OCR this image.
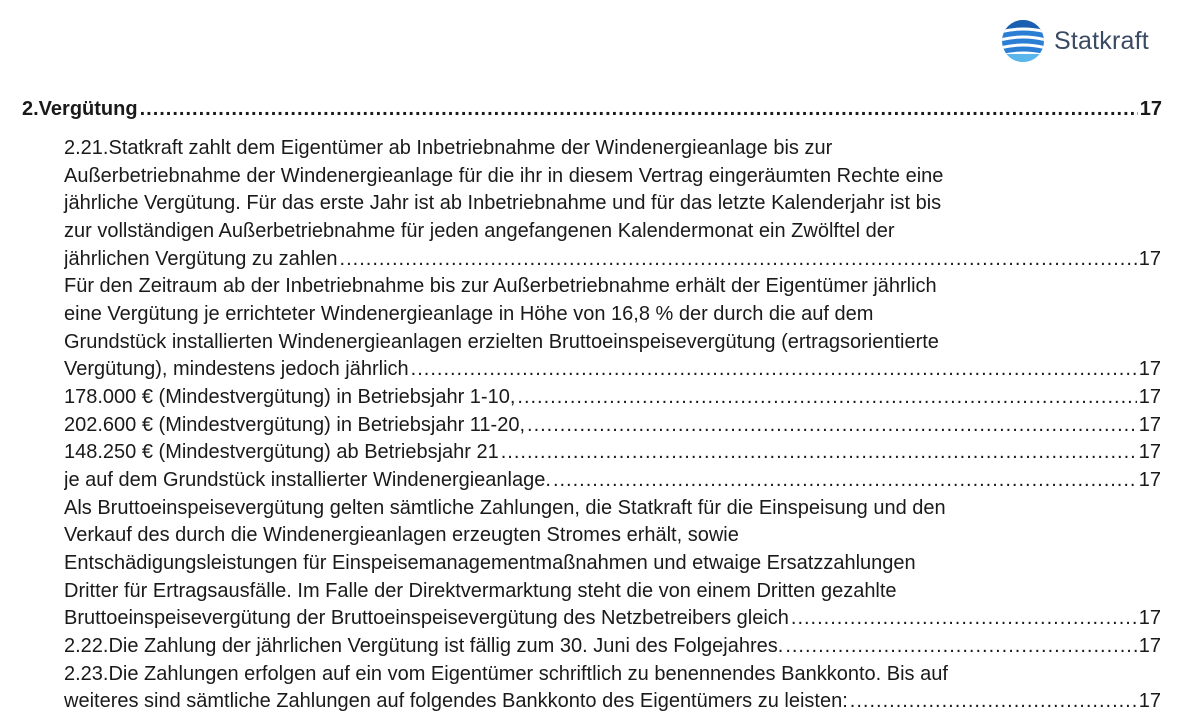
Statkraft
2.Vergütung .....	17
2.21.Statkraft zahlt dem Eigentümer ab Inbetriebnahme der Windenergieanlage bis zur
Außerbetriebnahme der Windenergieanlage für die ihr in diesem Vertrag eingeräumten Rechte eine
jährliche Vergütung. Für das erste Jahr ist ab Inbetriebnahme und für das letzte Kalenderjahr ist bis
zur vollständigen Außerbetriebnahme für jeden angefangenen Kalendermonat ein Zwölftel der
jährlichen Vergütung zu zahlen .....	17
Für den Zeitraum ab der Inbetriebnahme bis zur Außerbetriebnahme erhält der Eigentümer jährlich
eine Vergütung je errichteter Windenergieanlage in Höhe von 16,8 % der durch die auf dem
Grundstück installierten Windenergieanlagen erzielten Bruttoeinspeisevergütung (ertragsorientierte
Vergütung), mindestens jedoch jährlich .....	17
178.000 € (Mindestvergütung) in Betriebsjahr 1-10, .....	17
202.600 € (Mindestvergütung) in Betriebsjahr 11-20, .....	17
148.250 € (Mindestvergütung) ab Betriebsjahr 21 .....	17
je auf dem Grundstück installierter Windenergieanlage. .....	17
Als Bruttoeinspeisevergütung gelten sämtliche Zahlungen, die Statkraft für die Einspeisung und den
Verkauf des durch die Windenergieanlagen erzeugten Stromes erhält, sowie
Entschädigungsleistungen für Einspeisemanagementmaßnahmen und etwaige Ersatzzahlungen
Dritter für Ertragsausfälle. Im Falle der Direktvermarktung steht die von einem Dritten gezahlte
Bruttoeinspeisevergütung der Bruttoeinspeisevergütung des Netzbetreibers gleich .....	17
2.22.Die Zahlung der jährlichen Vergütung ist fällig zum 30. Juni des Folgejahres. .....	17
2.23.Die Zahlungen erfolgen auf ein vom Eigentümer schriftlich zu benennendes Bankkonto. Bis auf
weiteres sind sämtliche Zahlungen auf folgendes Bankkonto des Eigentümers zu leisten: .....	17
